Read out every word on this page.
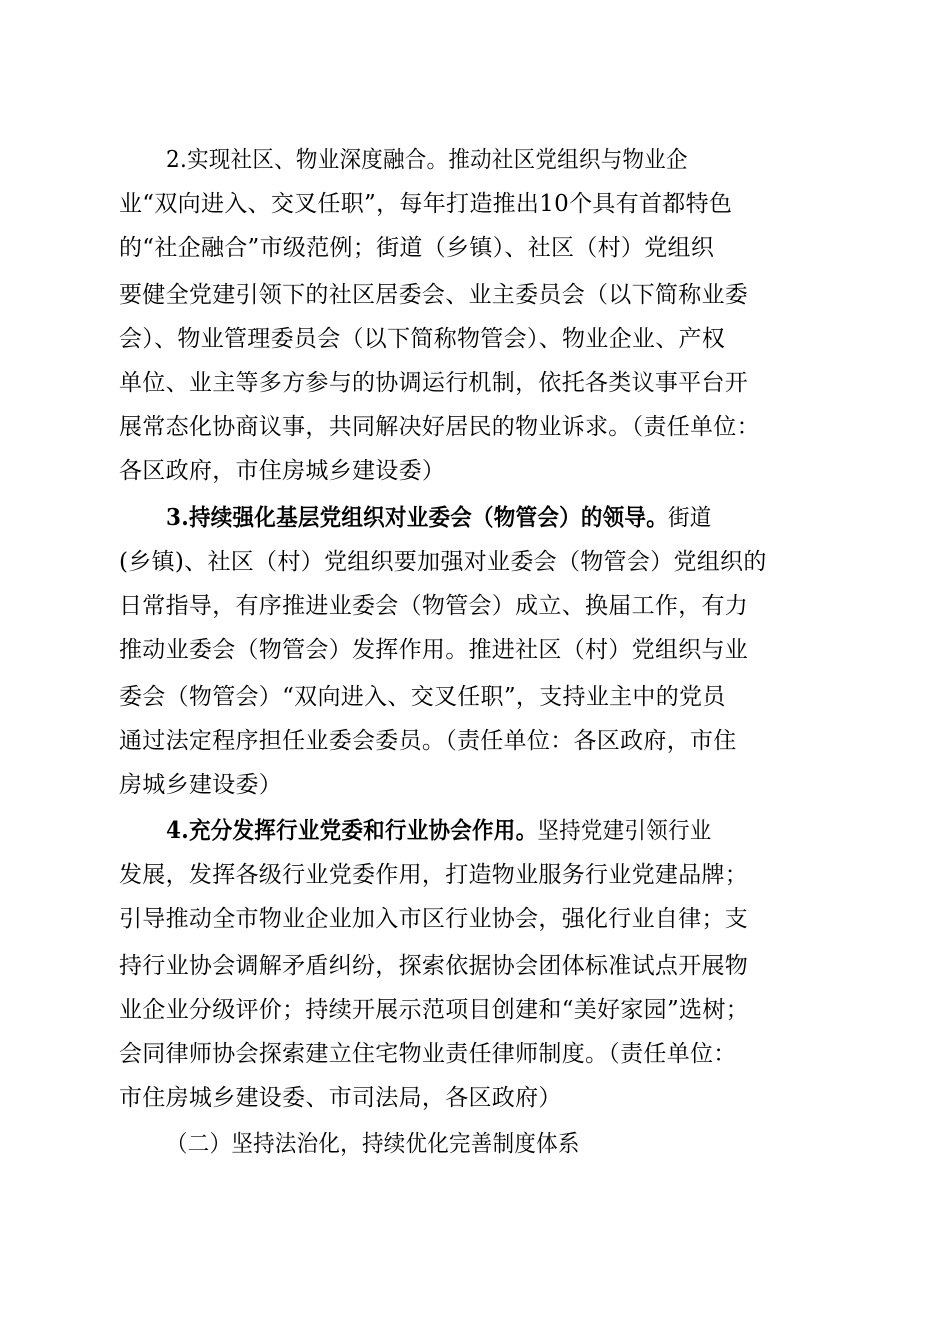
2.实现社区、物业深度融合。推动社区党组织与物业企
业“双向进入、交叉任职”，每年打造推出10个具有首都特色
的“社企融合”市级范例；街道（乡镇）、社区（村）党组织
要健全党建引领下的社区居委会、业主委员会（以下简称业委
会）、物业管理委员会（以下简称物管会）、物业企业、产权
单位、业主等多方参与的协调运行机制，依托各类议事平台开
展常态化协商议事，共同解决好居民的物业诉求。（责任单位：
各区政府，市住房城乡建设委）
3.持续强化基层党组织对业委会（物管会）的领导。街道
(乡镇)、社区（村）党组织要加强对业委会（物管会）党组织的
日常指导，有序推进业委会（物管会）成立、换届工作，有力
推动业委会（物管会）发挥作用。推进社区（村）党组织与业
委会（物管会）“双向进入、交叉任职”，支持业主中的党员
通过法定程序担任业委会委员。（责任单位：各区政府，市住
房城乡建设委）
4.充分发挥行业党委和行业协会作用。坚持党建引领行业
发展，发挥各级行业党委作用，打造物业服务行业党建品牌；
引导推动全市物业企业加入市区行业协会，强化行业自律；支
持行业协会调解矛盾纠纷，探索依据协会团体标准试点开展物
业企业分级评价；持续开展示范项目创建和“美好家园”选树；
会同律师协会探索建立住宅物业责任律师制度。（责任单位：
市住房城乡建设委、市司法局，各区政府）
（二）坚持法治化，持续优化完善制度体系
